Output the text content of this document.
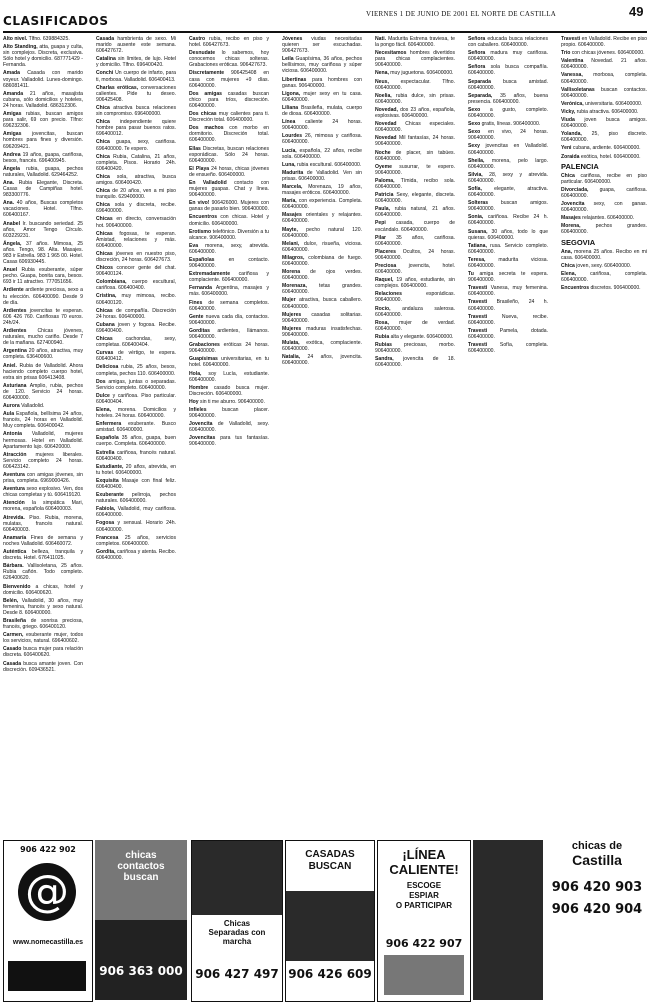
VIERNES 1 DE JUNIO DE 2001 EL NORTE DE CASTILLA	49
CLASIFICADOS

Alto nivel. Tlfno. 639884325.

Alto Standing, atta, guapa y culta, sin complejos. Discreta, exclusiva. Sólo hotel y domicilio. 687771429 - Fernanda.

Amada Casada con marido voyeur. Valladolid. Lunes-domingo. 686081411.

Amanda 21 años, masajista cubana, sólo domicilios y hoteles, 24 horas. Valladolid. 686312306.

Amigas rubias, buscan amigos para salir, 69 con precio. Tlfno: 696232306.

Amigas jovencitas, buscan hombres para fines y diversión. 696209421.

Andrea 19 años, guapa, cariñosa, besos, francés. 696400945.

Ángela rubia, guapa, pechos naturales, Valladolid. 629464252.

Ana. Rubia Elegante, Discreta. Casas de Campiñas hotel. 983300776.

Ana. 40 años, Buscas completos vacaciones. Hotel. Tlfno. 606400167.

Anabel Ir. buscando seriedad. 25 años, Amor Tengo Círculo. 603229231.

Ángela, 37 años. Mimosa, 25 años. Tengo, 98. Alta. Masajes. 983 ir Estrella. 983 1 965 00. Hotel. Casas 606930445.

Anuel Rubia exuberante, súper pecho. Guapa, bonita cara, besos. 693 ir 11 atractivo. 777051656.

Ardiente ardiente preciosa, sexo a tu elección. 606400090. Desde 9 de día.

Ardientes jovencitas te esperan. 606 426 760. Cariñosas 70 euros. 24h/24.

Ardientes Chicas jóvenes, naturales, mucho cariño. Desde 7 de la mañana. 627400940.

Argentina 20 años, atractiva, muy completa. 636400600.

Aniel. Rubia de Valladolid. Ahora haciendo completo cuerpo hotel, extra sin prisas 606413408.

Asturiana Amplio, rubia, pechos de 120. Servicio 24 horas. 606400000.

Aurora Valladolid.

Aula Española, bellísima 24 años, francés, 24 horas en Valladolid. Muy completa. 606400042.

Antonia Valladolid, mujeres hermosas. Hotel en Valladolid. Apartamento lujo. 606420000.

Atracción mujeres liberales. Servicio completo 24 horas. 606423142.

Aventura con amigas jóvenes, sin prisa, completa. 6969000426.

Aventura sexo explosivo. Ven, dos chicas completas y tú. 606419120.

Atención la simpática Mari, morena, española 606400003.

Atrevida. Piso. Rubia, morena, mulatas, francés natural. 606400003.

Anamaría Fines de semana y noches Valladolid. 606460072.

Auténtica belleza, tranquila y discreta. Hotel. 676411025.

Bárbara. Vallisoletana, 25 años. Rubia cañón. Todo completo. 626400620.

Bienvenido a chicas, hotel y domicilio. 606400620.

Belén, Valladolid, 30 años, muy femenina, francés y sexo natural. Desde 8. 606400000.

Brasileña de sonrisa preciosa, francés, griego. 606400120.

Carmen, exuberante mujer, todos los servicios, natural. 696400602.

Casado busca mujer para relación discreta. 606400620.

Casada busca amante joven. Con discreción. 609436521.

Casada hambrienta de sexo. Mi marido ausente este semana. 606427672.

Catalina sin límites, de lujo. Hotel y domicilio. Tlfno. 696400420.

Conchi Un cuerpo de infarto, para ti, morbosa. Valladolid. 606400413.

Charlas eróticas, conversaciones calientes. Pide tu deseo. 906425408.

Chica atractiva busca relaciones sin compromiso. 696400000.

Chica independiente quiere hombre para pasar buenos ratos. 696400012.

Chica guapa, sexy, cariñosa. 696400000. Te espero.

Chica Rubia, Catalina, 21 años, completa. Pisos. Horario 24h. 606400420.

Chica sola, atractiva, busca amigos. 606400420.

Chica de 20 años, ven a mi piso tranquilo. 629400000.

Chica sola y discreta, recibe. 696400000.

Chicas en directo, conversación hot. 906400000.

Chicas fogosas, te esperan. Amistad, relaciones y más. 606400000.

Chicas jóvenes en nuestro piso, discreción, 24 horas. 606427673.

Chicos conocer gente del chat. 906400124.

Colombiana, cuerpo escultural, cariñosa. 606400400.

Cristina, muy mimosa, recibo. 606400120.

Chicas de compañía. Discreción 24 horas. 606400000.

Cubana joven y fogosa. Recibe. 696400400.

Chicas cachondas, sexy, completas. 606400404.

Curvas de vértigo, te espera. 606400412.

Deliciosa rubia, 25 años, besos, completa, pechos 110. 606400000.

Dos amigas, juntas o separadas. Servicio completo. 606400000.

Dulce y cariñosa. Piso particular. 606400404.

Elena, morena. Domicilios y hoteles. 24 horas. 606400000.

Enfermera exuberante. Busco amistad. 606400000.

Española 35 años, guapa, buen cuerpo. Completa. 606400000.

Estrella cariñosa, francés natural. 606400400.

Estudiante, 20 años, atrevida, en tu hotel. 606400000.

Exquisita Masaje con final feliz. 606400400.

Exuberante pelirroja, pechos naturales. 606400000.

Fabiola, Valladolid, muy cariñosa. 606400000.

Fogosa y sensual. Horario 24h. 606400000.

Francesa 25 años, servicios completos. 606400000.

Gordita, cariñosa y atenta. Recibo. 606400000.

Castro rubia, recibo en piso y hotel. 606427673.

Desnudate lo sabemos, hoy conocemos chicas solteras. Grabaciones eróticas. 906427673.

Discretamente 906425408 en casa con mujeres +9 días. 606400000.

Dos amigas casadas buscan chico para tríos, discreción. 606400000.

Dos chicas muy calientes para ti. Discreción total. 606400000.

Dos machos con morbo en dormitorio. Discreción total. 606400000.

Ellas Discretas, buscan relaciones esporádicas. Sólo 24 horas. 606400000.

El Playa 24 horas, chicas jóvenes de ensueño. 606400000.

En Valladolid contacto con mujeres guapas. Chat y línea. 906400000.

En vivo! 906426000. Mujeres con ganas de pasarlo bien. 906400000.

Encuentros con chicas. Hotel y domicilio. 606400000.

Erotismo telefónico. Diversión a tu alcance. 906400000.

Eva morena, sexy, atrevida. 606400000.

Españolas en contacto. 906400000.

Extremadamente cariñosa y complaciente. 606400000.

Fernanda Argentina, masajes y más. 606400000.

Fines de semana completos. 606400000.

Gente nueva cada día, contactos. 906400000.

Gorditas ardientes, llámanos. 906400000.

Grabaciones eróticas 24 horas. 906400000.

Guapísimas universitarias, en tu hotel. 606400000.

Hola, soy Lucía, estudiante. 606400000.

Hombre casado busca mujer. Discreción. 606400000.

Hoy sin ti me aburro. 906400000.

Infieles buscan placer. 906400000.

Jovencita de Valladolid, sexy. 606400000.

Jovencitas para tus fantasías. 906400000.

Jóvenes viudas necesitadas quieren ser escuchadas. 906427673.

Leila Guapísima, 36 años, pechos bellísimos, muy cariñosa y súper viciosa. 606400000.

Libertinas para hombres con ganas. 906400000.

Ligona, mujer sexy en tu casa. 606400000.

Liliana Brasileña, mulata, cuerpo de diosa. 606400000.

Línea caliente 24 horas. 906400000.

Lourdes 26, mimosa y cariñosa. 606400000.

Lucía, española, 22 años, recibe sola. 606400000.

Luna, rubia escultural. 606400000.

Madurita de Valladolid. Ven sin prisas. 606400000.

Marcela, Morenaza, 19 años, masajes eróticos. 606400000.

María, con experiencia. Completa. 606400000.

Masajes orientales y relajantes. 606400000.

Mayte, pecho natural 120. 606400000.

Melani, dulce, risueña, viciosa. 606400000.

Milagros, colombiana de fuego. 606400000.

Morena de ojos verdes. 606400000.

Morenaza, tetas grandes. 606400000.

Mujer atractiva, busca caballero. 606400000.

Mujeres casadas solitarias. 906400000.

Mujeres maduras insatisfechas. 906400000.

Mulata, exótica, complaciente. 606400000.

Natalia, 24 años, jovencita. 606400000.

Nati. Madurita Estrena traviesa, te la pongo fácil. 606400000.

Necesitamos hombres divertidos para chicas complacientes. 906400000.

Nena, muy juguetona. 606400000.

Neus, espectacular. Tlfno. 606400000.

Noelia, rubia dulce, sin prisas. 606400000.

Novedad, dos 23 años, española, explosivas. 606400000.

Novedad Chicas especiales. 606400000.

Novedad Mil fantasías, 24 horas. 906400000.

Noche de placer, sin tabúes. 606400000.

Oyeme susurrar, te espero. 906400000.

Paloma, Tímida, recibo sola. 606400000.

Patricia Sexy, elegante, discreta. 606400000.

Paula, rubia natural, 21 años. 606400000.

Pepi casada, cuerpo de escándalo. 606400000.

Pilar 35 años, cariñosa. 606400000.

Placeres Ocultos, 24 horas. 906400000.

Preciosa jovencita, hotel. 606400000.

Raquel, 19 años, estudiante, sin complejos. 606400000.

Relaciones esporádicas. 906400000.

Rocío, andaluza salerosa. 606400000.

Rosa, mujer de verdad. 606400000.

Rubia alta y elegante. 606400000.

Rubias preciosas, morbo. 906400000.

Sandra, jovencita de 18. 606400000.

Señora educada busca relaciones con caballero. 606400000.

Señora madura muy cariñosa. 606400000.

Señora sola busca compañía. 606400000.

Separada busca amistad. 606400000.

Separada, 35 años, buena presencia. 606400000.

Sexo a gusto, completo. 606400000.

Sexo gratis, líneas. 906400000.

Sexo en vivo, 24 horas. 906400000.

Sexy jovencitas en Valladolid. 606400000.

Sheila, morena, pelo largo. 606400000.

Silvia, 28, sexy y atrevida. 606400000.

Sofía, elegante, atractiva. 606400000.

Solteras buscan amigos. 906400000.

Sonia, cariñosa. Recibe 24 h. 606400000.

Susana, 30 años, todo lo que quieras. 606400000.

Tatiana, rusa. Servicio completo. 606400000.

Teresa, madurita viciosa. 606400000.

Tu amiga secreta te espera. 906400000.

Travesti Vanesa, muy femenina. 606400000.

Travesti Brasileño, 24 h. 606400000.

Travesti Nueva, recibe. 606400000.

Travesti Pamela, dotada. 606400000.

Travesti Sofía, completa. 606400000.

Travesti en Valladolid. Recibe en piso propio. 606400000.

Trío con chicas jóvenes. 606400000.

Valentina Novedad. 21 años. 606400000.

Vanessa, morbosa, completa. 606400000.

Vallisoletanas buscan contactos. 906400000.

Verónica, universitaria. 606400000.

Vicky, rubia atractiva. 606400000.

Viuda joven busca amigos. 606400000.

Yolanda, 25, piso discreto. 606400000.

Yeni cubana, ardiente. 606400000.

Zoraida exótica, hotel. 606400000.

PALENCIA

Chica cariñosa, recibe en piso particular. 606400000.

Divorciada, guapa, cariñosa. 606400000.

Jovencita sexy, con ganas. 606400000.

Masajes relajantes. 606400000.

Morena, pechos grandes. 606400000.

SEGOVIA

Ana, morena 25 años. Recibo en mi casa. 606400000.

Chica joven, sexy. 606400000.

Elena, cariñosa, completa. 606400000.

Encuentros discretos. 906400000.

906 422 902
@
www.nomecastilla.es
chicas
contactos
buscan
906 363 000
Chicas
Separadas con
marcha
906 427 497
CASADAS
BUSCAN
906 426 609
¡LÍNEA
CALIENTE!
ESCOGE
ESPIAR
O PARTICIPAR
906 422 907
chicas de
Castilla
906 420 903
906 420 904
